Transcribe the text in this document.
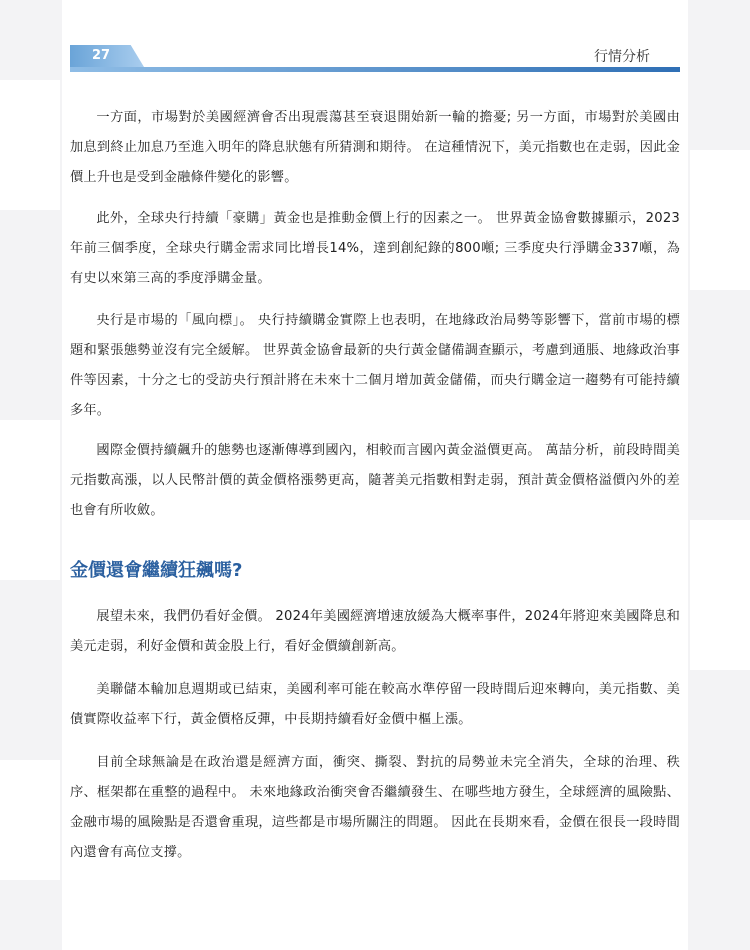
27	行情分析

一方面，市場對於美國經濟會否出現震蕩甚至衰退開始新一輪的擔憂; 另一方面，市場對於美國由加息到終止加息乃至進入明年的降息狀態有所猜測和期待。 在這種情況下，美元指數也在走弱，因此金價上升也是受到金融條件變化的影響。

此外，全球央行持續「豪購」黃金也是推動金價上行的因素之一。 世界黃金協會數據顯示，2023年前三個季度，全球央行購金需求同比增長14%，達到創紀錄的800噸; 三季度央行淨購金337噸，為有史以來第三高的季度淨購金量。

央行是市場的「風向標」。 央行持續購金實際上也表明，在地緣政治局勢等影響下，當前市場的標題和緊張態勢並沒有完全緩解。 世界黃金協會最新的央行黃金儲備調查顯示，考慮到通脹、地緣政治事件等因素，十分之七的受訪央行預計將在未來十二個月增加黃金儲備，而央行購金這一趨勢有可能持續多年。

國際金價持續飆升的態勢也逐漸傳導到國內，相較而言國內黃金溢價更高。 萬喆分析，前段時間美元指數高漲，以人民幣計價的黃金價格漲勢更高，隨著美元指數相對走弱，預計黃金價格溢價內外的差也會有所收斂。

金價還會繼續狂飆嗎?

展望未來，我們仍看好金價。 2024年美國經濟增速放緩為大概率事件，2024年將迎來美國降息和美元走弱，利好金價和黃金股上行，看好金價續創新高。

美聯儲本輪加息週期或已結束，美國利率可能在較高水準停留一段時間后迎來轉向，美元指數、美債實際收益率下行，黃金價格反彈，中長期持續看好金價中樞上漲。

目前全球無論是在政治還是經濟方面，衝突、撕裂、對抗的局勢並未完全消失，全球的治理、秩序、框架都在重整的過程中。 未來地緣政治衝突會否繼續發生、在哪些地方發生，全球經濟的風險點、金融市場的風險點是否還會重現，這些都是市場所關注的問題。 因此在長期來看，金價在很長一段時間內還會有高位支撐。
